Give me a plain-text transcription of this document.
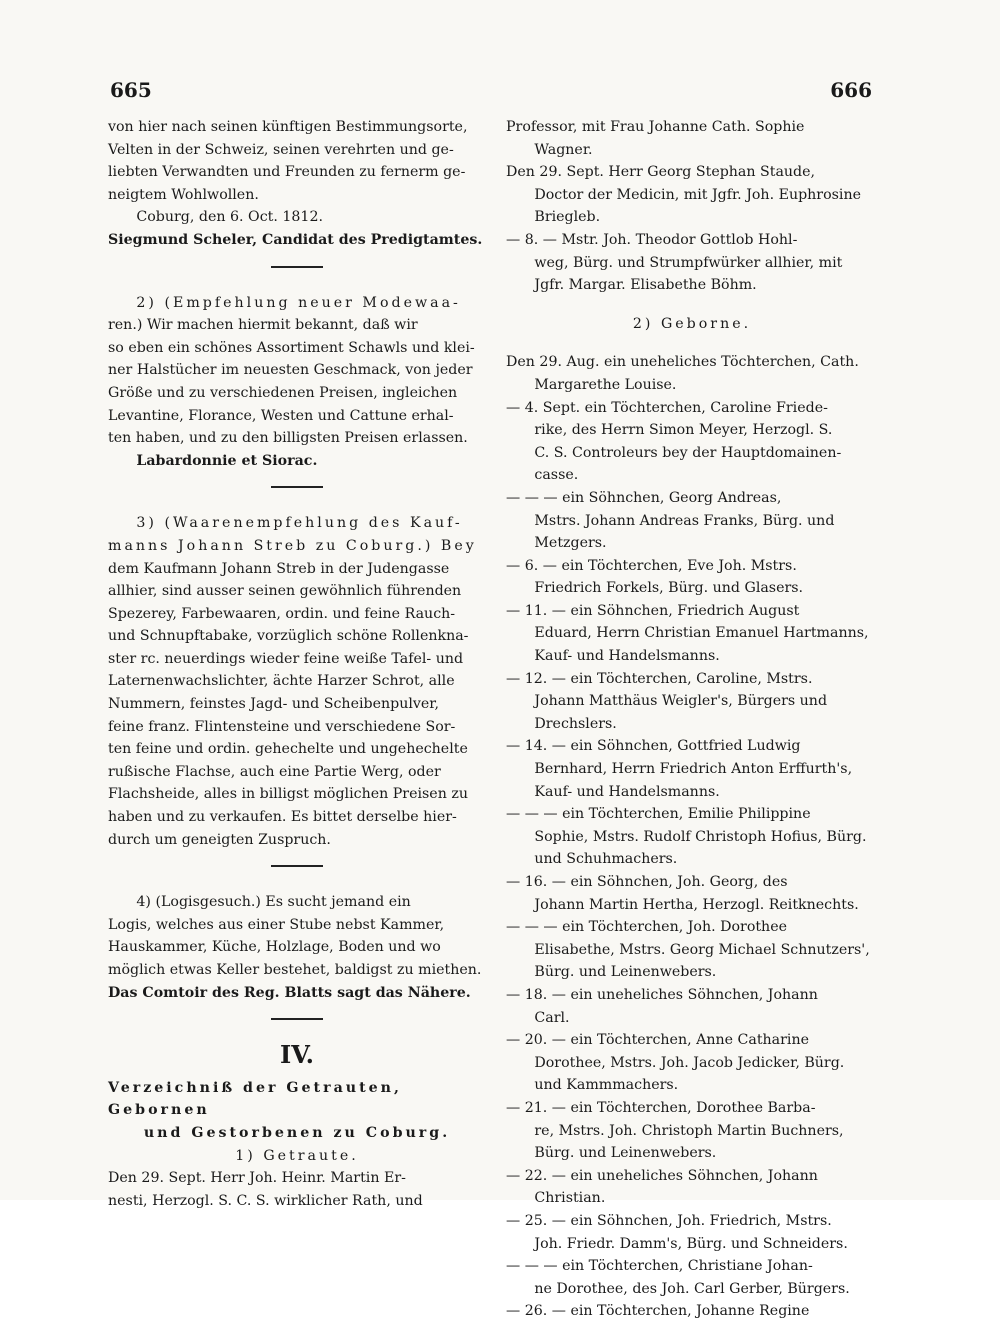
665	666

von hier nach seinen künftigen Bestimmungsorte,

Velten in der Schweiz, seinen verehrten und ge-

liebten Verwandten und Freunden zu fernerm ge-

neigtem Wohlwollen.

Coburg, den 6. Oct. 1812.

Siegmund Scheler, Candidat des Predigtamtes.

2) (Empfehlung neuer Modewaa-

ren.) Wir machen hiermit bekannt, daß wir

so eben ein schönes Assortiment Schawls und klei-

ner Halstücher im neuesten Geschmack, von jeder

Größe und zu verschiedenen Preisen, ingleichen

Levantine, Florance, Westen und Cattune erhal-

ten haben, und zu den billigsten Preisen erlassen.

Labardonnie et Siorac.

3) (Waarenempfehlung des Kauf-

manns Johann Streb zu Coburg.) Bey

dem Kaufmann Johann Streb in der Judengasse

allhier, sind ausser seinen gewöhnlich führenden

Spezerey, Farbewaaren, ordin. und feine Rauch-

und Schnupftabake, vorzüglich schöne Rollenkna-

ster rc. neuerdings wieder feine weiße Tafel- und

Laternenwachslichter, ächte Harzer Schrot, alle

Nummern, feinstes Jagd- und Scheibenpulver,

feine franz. Flintensteine und verschiedene Sor-

ten feine und ordin. gehechelte und ungehechelte

rußische Flachse, auch eine Partie Werg, oder

Flachsheide, alles in billigst möglichen Preisen zu

haben und zu verkaufen. Es bittet derselbe hier-

durch um geneigten Zuspruch.

4) (Logisgesuch.) Es sucht jemand ein

Logis, welches aus einer Stube nebst Kammer,

Hauskammer, Küche, Holzlage, Boden und wo

möglich etwas Keller bestehet, baldigst zu miethen.

Das Comtoir des Reg. Blatts sagt das Nähere.

IV.

Verzeichniß der Getrauten, Gebornen

und Gestorbenen zu Coburg.

1) Getraute.

Den 29. Sept. Herr Joh. Heinr. Martin Er-

nesti, Herzogl. S. C. S. wirklicher Rath, und

Professor, mit Frau Johanne Cath. Sophie

Wagner.

Den 29. Sept. Herr Georg Stephan Staude,

Doctor der Medicin, mit Jgfr. Joh. Euphrosine

Briegleb.

— 8. — Mstr. Joh. Theodor Gottlob Hohl-

weg, Bürg. und Strumpfwürker allhier, mit

Jgfr. Margar. Elisabethe Böhm.

2) Geborne.

Den 29. Aug. ein uneheliches Töchterchen, Cath.

Margarethe Louise.

— 4. Sept. ein Töchterchen, Caroline Friede-

rike, des Herrn Simon Meyer, Herzogl. S.

C. S. Controleurs bey der Hauptdomainen-

casse.

— — — ein Söhnchen, Georg Andreas,

Mstrs. Johann Andreas Franks, Bürg. und

Metzgers.

— 6. — ein Töchterchen, Eve Joh. Mstrs.

Friedrich Forkels, Bürg. und Glasers.

— 11. — ein Söhnchen, Friedrich August

Eduard, Herrn Christian Emanuel Hartmanns,

Kauf- und Handelsmanns.

— 12. — ein Töchterchen, Caroline, Mstrs.

Johann Matthäus Weigler's, Bürgers und

Drechslers.

— 14. — ein Söhnchen, Gottfried Ludwig

Bernhard, Herrn Friedrich Anton Erffurth's,

Kauf- und Handelsmanns.

— — — ein Töchterchen, Emilie Philippine

Sophie, Mstrs. Rudolf Christoph Hofius, Bürg.

und Schuhmachers.

— 16. — ein Söhnchen, Joh. Georg, des

Johann Martin Hertha, Herzogl. Reitknechts.

— — — ein Töchterchen, Joh. Dorothee

Elisabethe, Mstrs. Georg Michael Schnutzers',

Bürg. und Leinenwebers.

— 18. — ein uneheliches Söhnchen, Johann

Carl.

— 20. — ein Töchterchen, Anne Catharine

Dorothee, Mstrs. Joh. Jacob Jedicker, Bürg.

und Kammmachers.

— 21. — ein Töchterchen, Dorothee Barba-

re, Mstrs. Joh. Christoph Martin Buchners,

Bürg. und Leinenwebers.

— 22. — ein uneheliches Söhnchen, Johann

Christian.

— 25. — ein Söhnchen, Joh. Friedrich, Mstrs.

Joh. Friedr. Damm's, Bürg. und Schneiders.

— — — ein Töchterchen, Christiane Johan-

ne Dorothee, des Joh. Carl Gerber, Bürgers.

— 26. — ein Töchterchen, Johanne Regine
